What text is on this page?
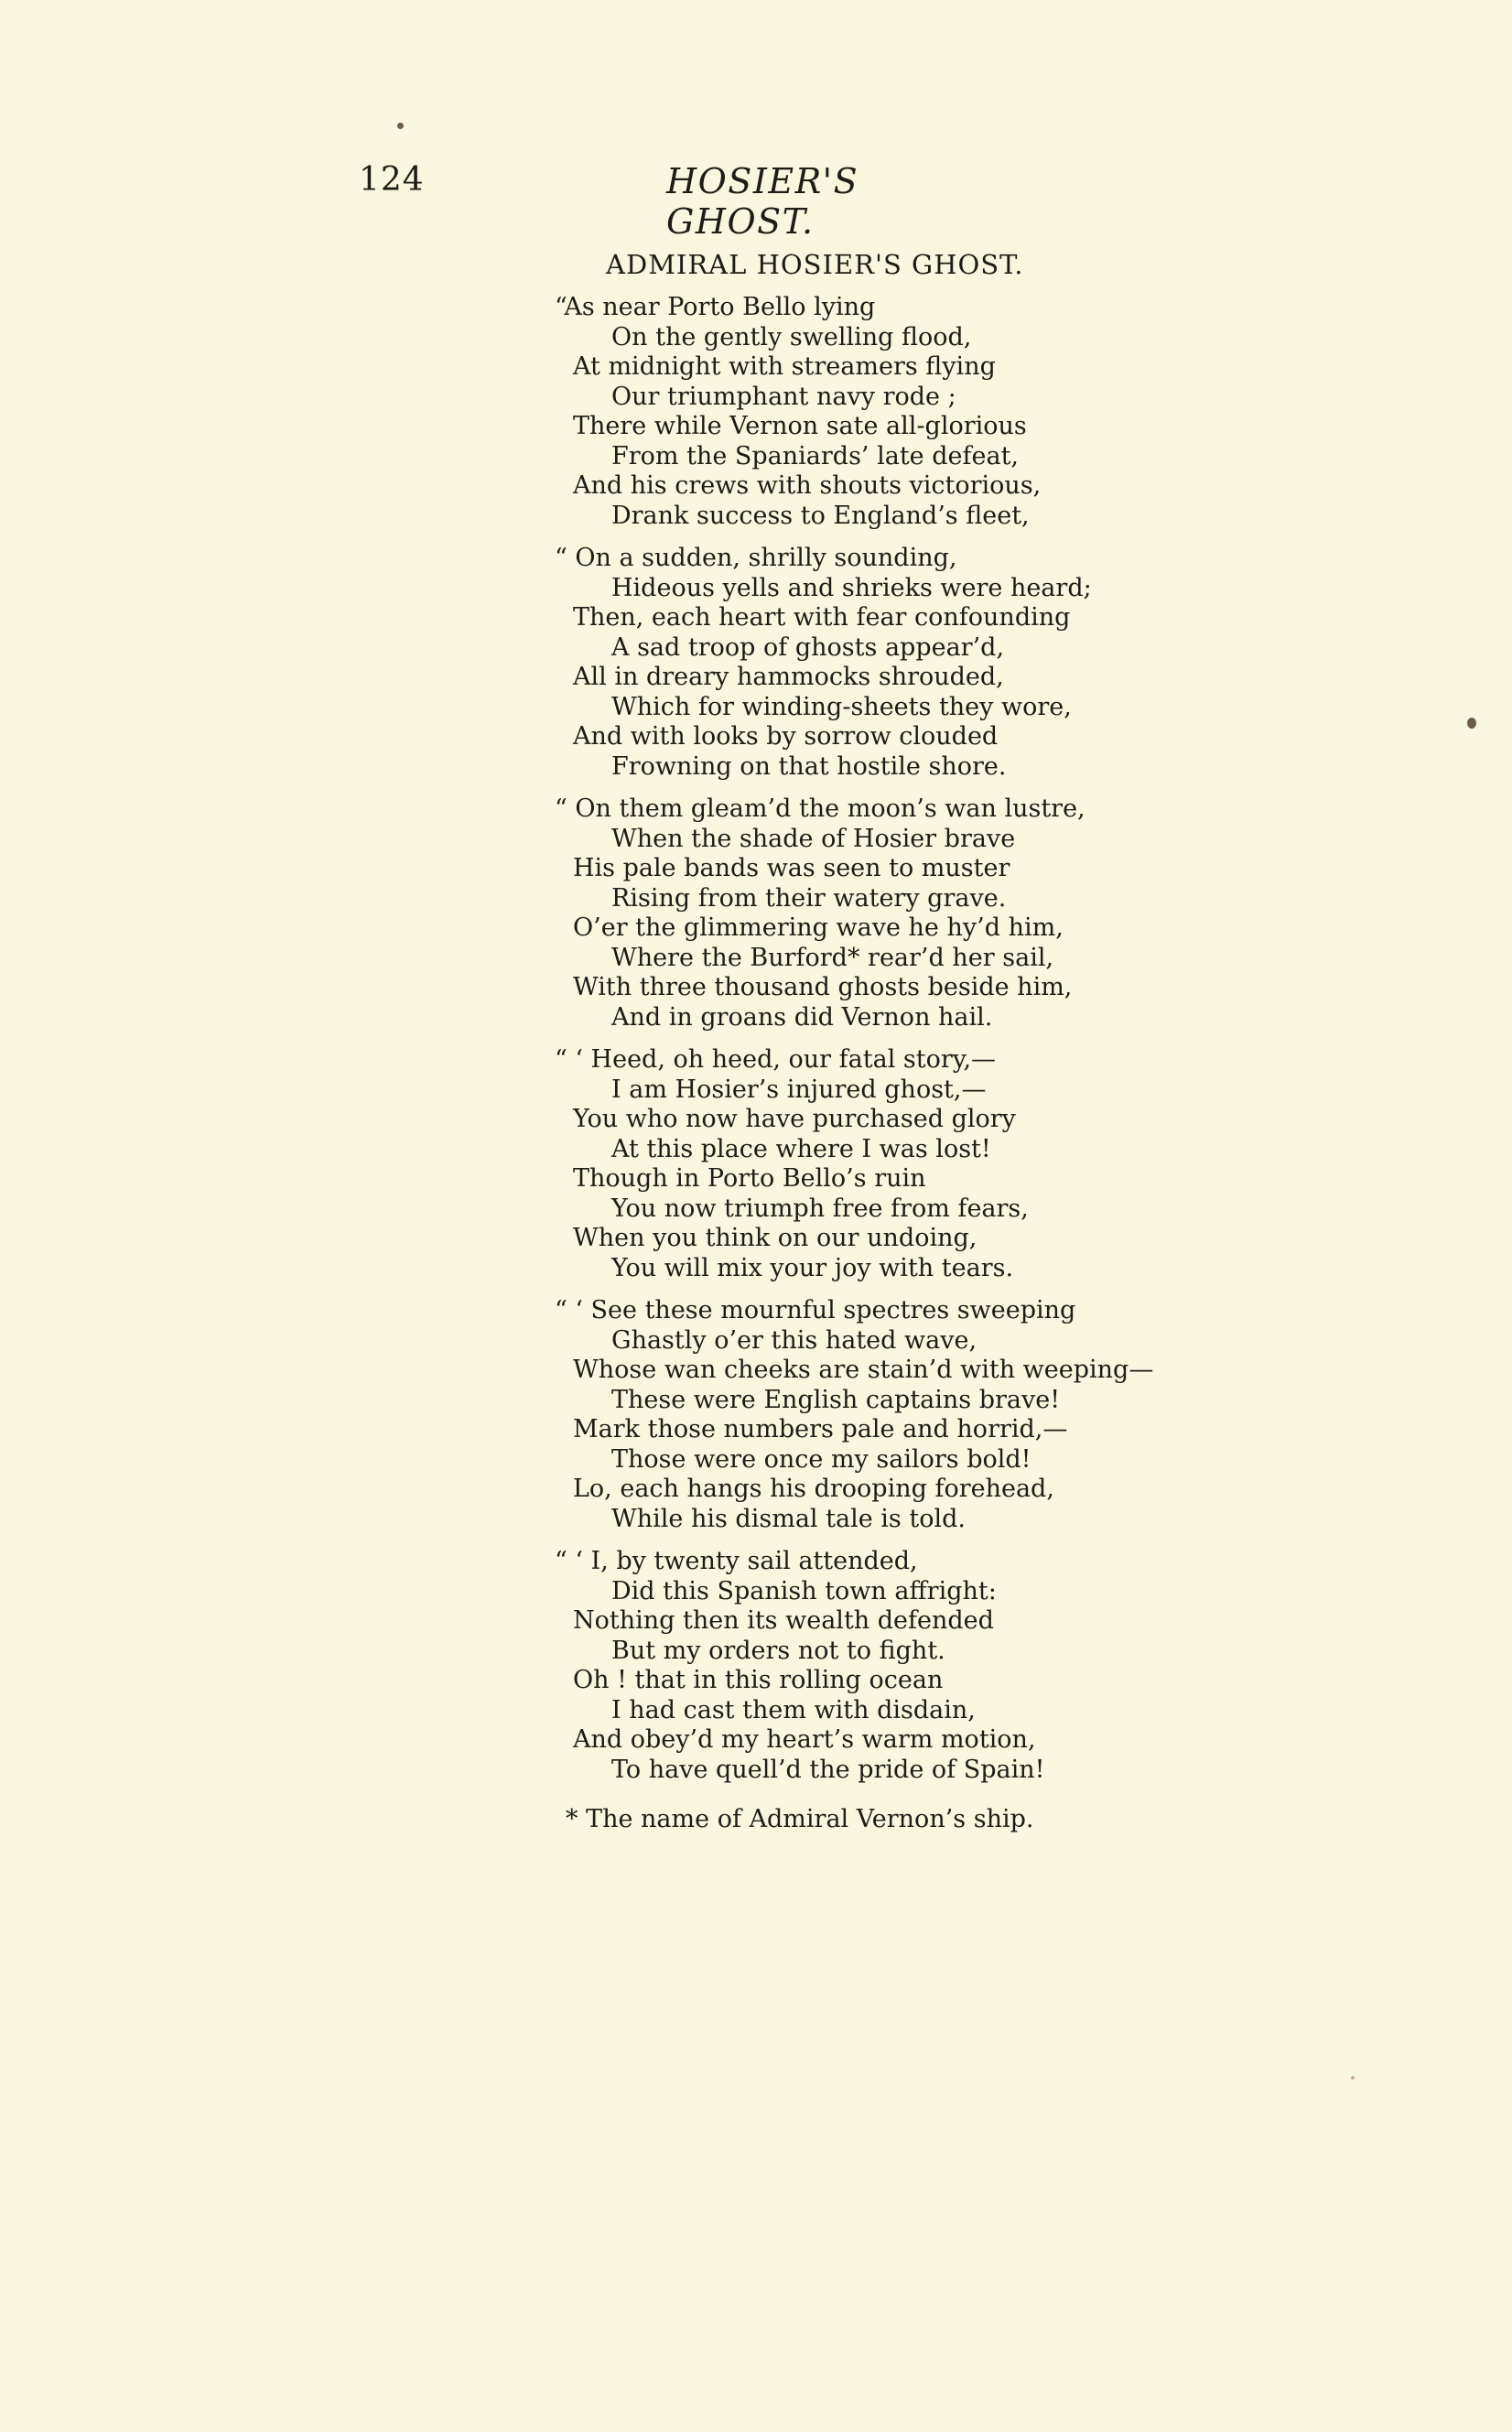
124	HOSIER'S GHOST.
ADMIRAL HOSIER'S GHOST.
“As near Porto Bello lying
On the gently swelling flood,
At midnight with streamers flying
Our triumphant navy rode ;
There while Vernon sate all-glorious
From the Spaniards’ late defeat,
And his crews with shouts victorious,
Drank success to England’s fleet,
“ On a sudden, shrilly sounding,
Hideous yells and shrieks were heard;
Then, each heart with fear confounding
A sad troop of ghosts appear’d,
All in dreary hammocks shrouded,
Which for winding-sheets they wore,
And with looks by sorrow clouded
Frowning on that hostile shore.
“ On them gleam’d the moon’s wan lustre,
When the shade of Hosier brave
His pale bands was seen to muster
Rising from their watery grave.
O’er the glimmering wave he hy’d him,
Where the Burford* rear’d her sail,
With three thousand ghosts beside him,
And in groans did Vernon hail.
“ ‘ Heed, oh heed, our fatal story,—
I am Hosier’s injured ghost,—
You who now have purchased glory
At this place where I was lost!
Though in Porto Bello’s ruin
You now triumph free from fears,
When you think on our undoing,
You will mix your joy with tears.
“ ‘ See these mournful spectres sweeping
Ghastly o’er this hated wave,
Whose wan cheeks are stain’d with weeping—
These were English captains brave!
Mark those numbers pale and horrid,—
Those were once my sailors bold!
Lo, each hangs his drooping forehead,
While his dismal tale is told.
“ ‘ I, by twenty sail attended,
Did this Spanish town affright:
Nothing then its wealth defended
But my orders not to fight.
Oh ! that in this rolling ocean
I had cast them with disdain,
And obey’d my heart’s warm motion,
To have quell’d the pride of Spain!
* The name of Admiral Vernon’s ship.
